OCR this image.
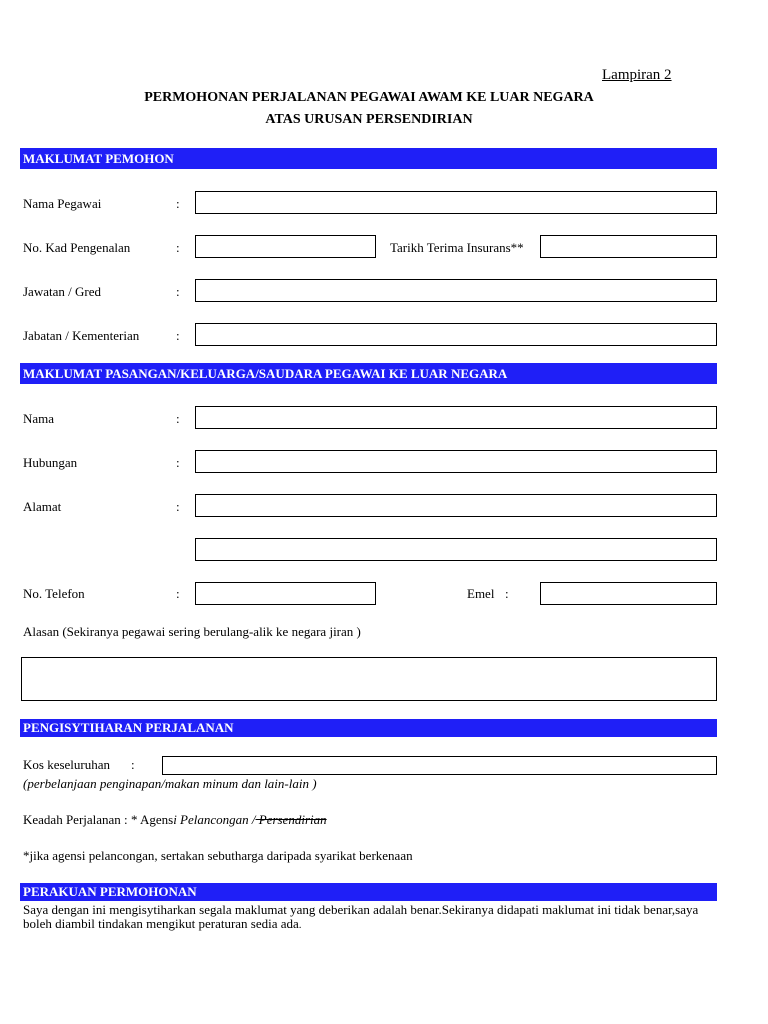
Lampiran 2
PERMOHONAN PERJALANAN PEGAWAI AWAM KE LUAR NEGARA
ATAS URUSAN PERSENDIRIAN
MAKLUMAT PEMOHON
Nama Pegawai	:
No. Kad Pengenalan	:	Tarikh Terima Insurans**
Jawatan / Gred	:
Jabatan / Kementerian	:
MAKLUMAT PASANGAN/KELUARGA/SAUDARA PEGAWAI KE LUAR NEGARA
Nama	:
Hubungan	:
Alamat	:
No. Telefon	:	Emel :
Alasan (Sekiranya pegawai sering berulang-alik ke negara jiran )
PENGISYTIHARAN PERJALANAN
Kos keseluruhan :
(perbelanjaan penginapan/makan minum dan lain-lain )
Keadah Perjalanan : * Agensi Pelancongan / Persendirian
*jika agensi pelancongan, sertakan sebutharga daripada syarikat berkenaan
PERAKUAN PERMOHONAN
Saya dengan ini mengisytiharkan segala maklumat yang deberikan adalah benar.Sekiranya didapati maklumat ini tidak benar,saya boleh diambil tindakan mengikut peraturan sedia ada.
